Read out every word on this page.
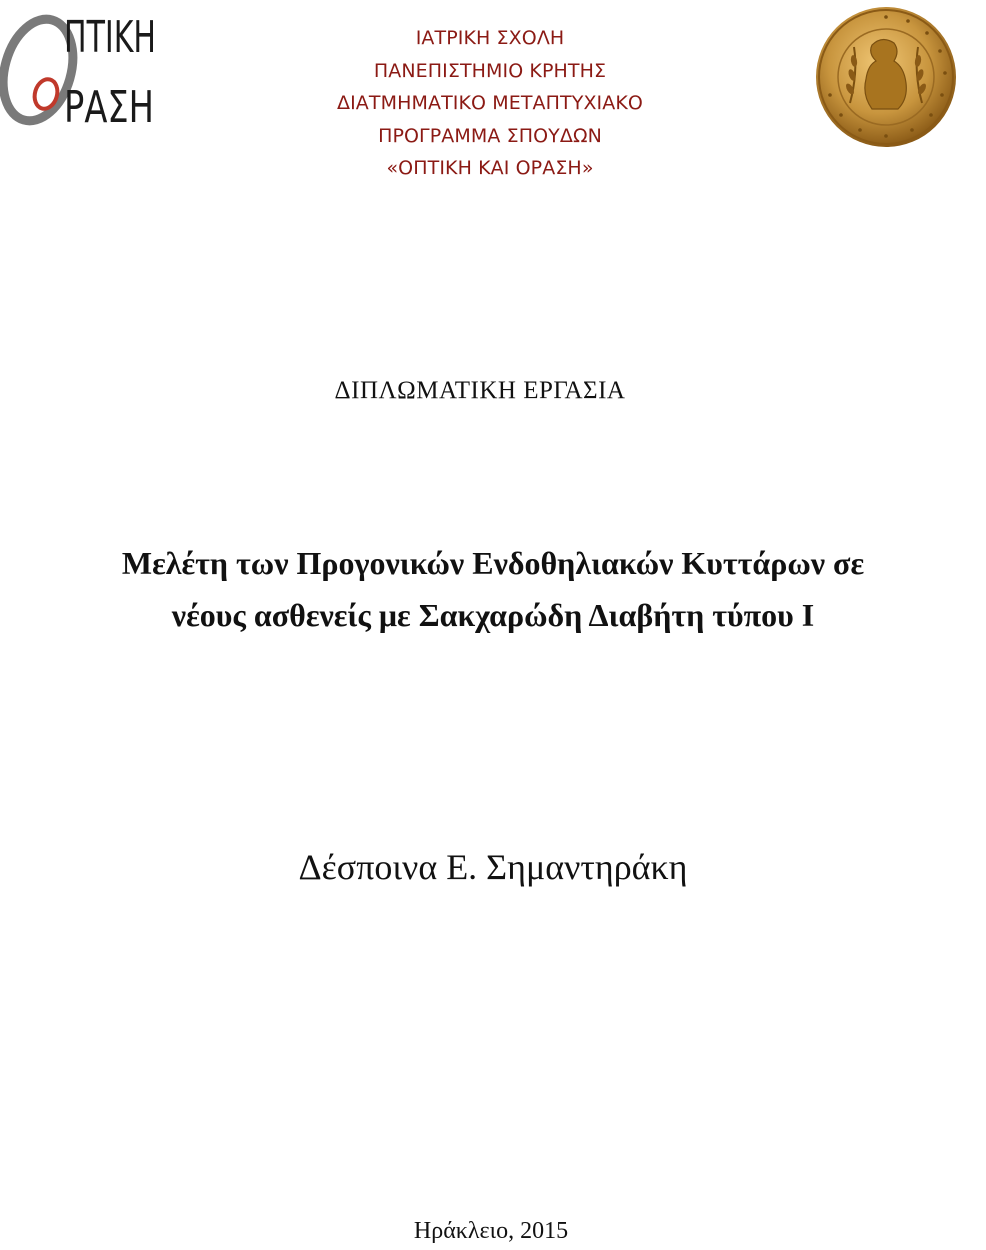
ΠΤΙΚΗ
ΡΑΣΗ
ΙΑΤΡΙΚΗ ΣΧΟΛΗ
ΠΑΝΕΠΙΣΤΗΜΙΟ ΚΡΗΤΗΣ
ΔΙΑΤΜΗΜΑΤΙΚΟ ΜΕΤΑΠΤΥΧΙΑΚΟ
ΠΡΟΓΡΑΜΜΑ ΣΠΟΥΔΩΝ
«ΟΠΤΙΚΗ ΚΑΙ ΟΡΑΣΗ»
ΔΙΠΛΩΜΑΤΙΚΗ ΕΡΓΑΣΙΑ
Μελέτη των Προγονικών Ενδοθηλιακών Κυττάρων σε
νέους ασθενείς με Σακχαρώδη Διαβήτη τύπου Ι
Δέσποινα Ε. Σημαντηράκη
Ηράκλειο, 2015
